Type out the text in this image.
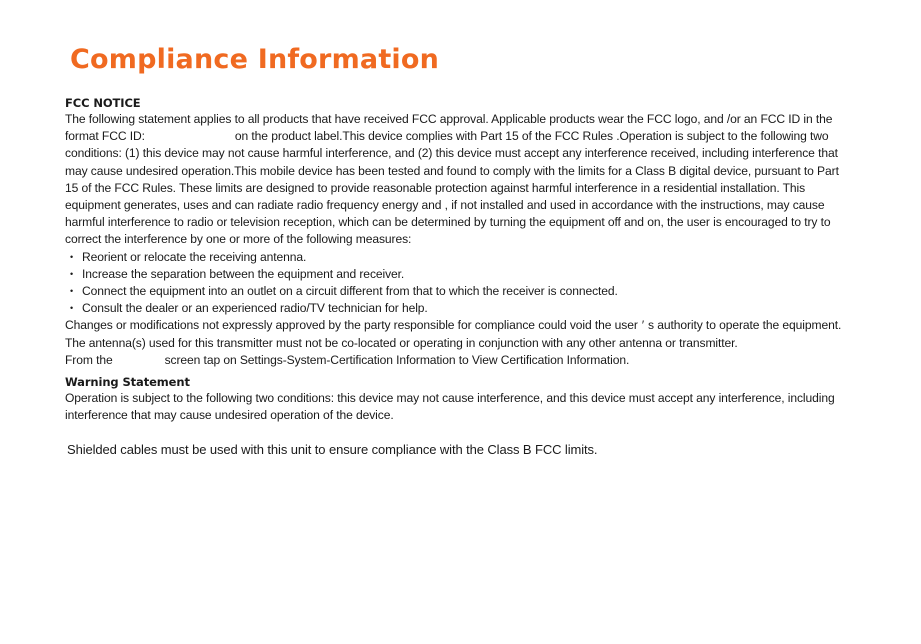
Compliance Information
FCC NOTICE

The following statement applies to all products that have received FCC approval. Applicable products wear the FCC logo, and /or an FCC ID in the format FCC ID:	on the product label.This device complies with Part 15 of the FCC Rules .Operation is subject to the following two conditions: (1) this device may not cause harmful interference, and (2) this device must accept any interference received, including interference that may cause undesired operation.This mobile device has been tested and found to comply with the limits for a Class B digital device, pursuant to Part 15 of the FCC Rules. These limits are designed to provide reasonable protection against harmful interference in a residential installation. This equipment generates, uses and can radiate radio frequency energy and , if not installed and used in accordance with the instructions, may cause harmful interference to radio or television reception, which can be determined by turning the equipment off and on, the user is encouraged to try to correct the interference by one or more of the following measures:

• Reorient or relocate the receiving antenna.
• Increase the separation between the equipment and receiver.
• Connect the equipment into an outlet on a circuit different from that to which the receiver is connected.
• Consult the dealer or an experienced radio/TV technician for help.

Changes or modifications not expressly approved by the party responsible for compliance could void the user ′ s authority to operate the equipment. The antenna(s) used for this transmitter must not be co-located or operating in conjunction with any other antenna or transmitter.

From the	screen tap on Settings-System-Certification Information to View Certification Information.

Warning Statement

Operation is subject to the following two conditions: this device may not cause interference, and this device must accept any interference, including interference that may cause undesired operation of the device.

Shielded cables must be used with this unit to ensure compliance with the Class B FCC limits.
